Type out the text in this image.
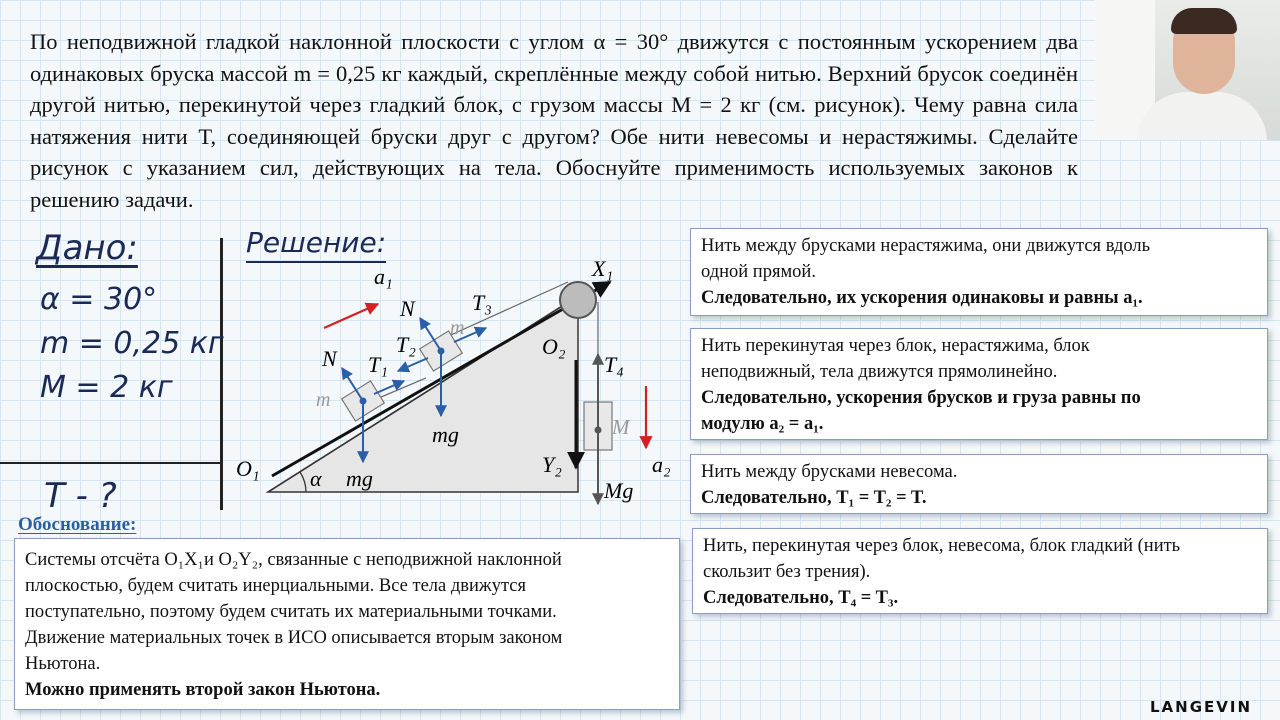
По неподвижной гладкой наклонной плоскости с углом α = 30° движутся с постоянным ускорением два одинаковых бруска массой m = 0,25 кг каждый, скреплённые между собой нитью. Верхний брусок соединён другой нитью, перекинутой через гладкий блок, с грузом массы M = 2 кг (см. рисунок). Чему равна сила натяжения нити T, соединяющей бруски друг с другом? Обе нити невесомы и нерастяжимы. Сделайте рисунок с указанием сил, действующих на тела. Обоснуйте применимость используемых законов к решению задачи.
Дано:
α = 30°
m = 0,25 кг
M = 2 кг
T - ?
Решение:
a₁	X₁
O₂
T₄
M
a₂
Y₂
Mg
O₁ α mg
mg
N
N
T₁
T₂
T₃
m
m
Обоснование:
Системы отсчёта O₁X₁и O₂Y₂, связанные с неподвижной наклонной
плоскостью, будем считать инерциальными. Все тела движутся
поступательно, поэтому будем считать их материальными точками.
Движение материальных точек в ИСО описывается вторым законом
Ньютона.
Можно применять второй закон Ньютона.
Нить между брусками нерастяжима, они движутся вдоль
одной прямой.
Следовательно, их ускорения одинаковы и равны a₁.
Нить перекинутая через блок, нерастяжима, блок
неподвижный, тела движутся прямолинейно.
Следовательно, ускорения брусков и груза равны по
модулю a₂ = a₁.
Нить между брусками невесома.
Следовательно, T₁ = T₂ = T.
Нить, перекинутая через блок, невесома, блок гладкий (нить
скользит без трения).
Следовательно, T₄ = T₃.
LANGEVIN
